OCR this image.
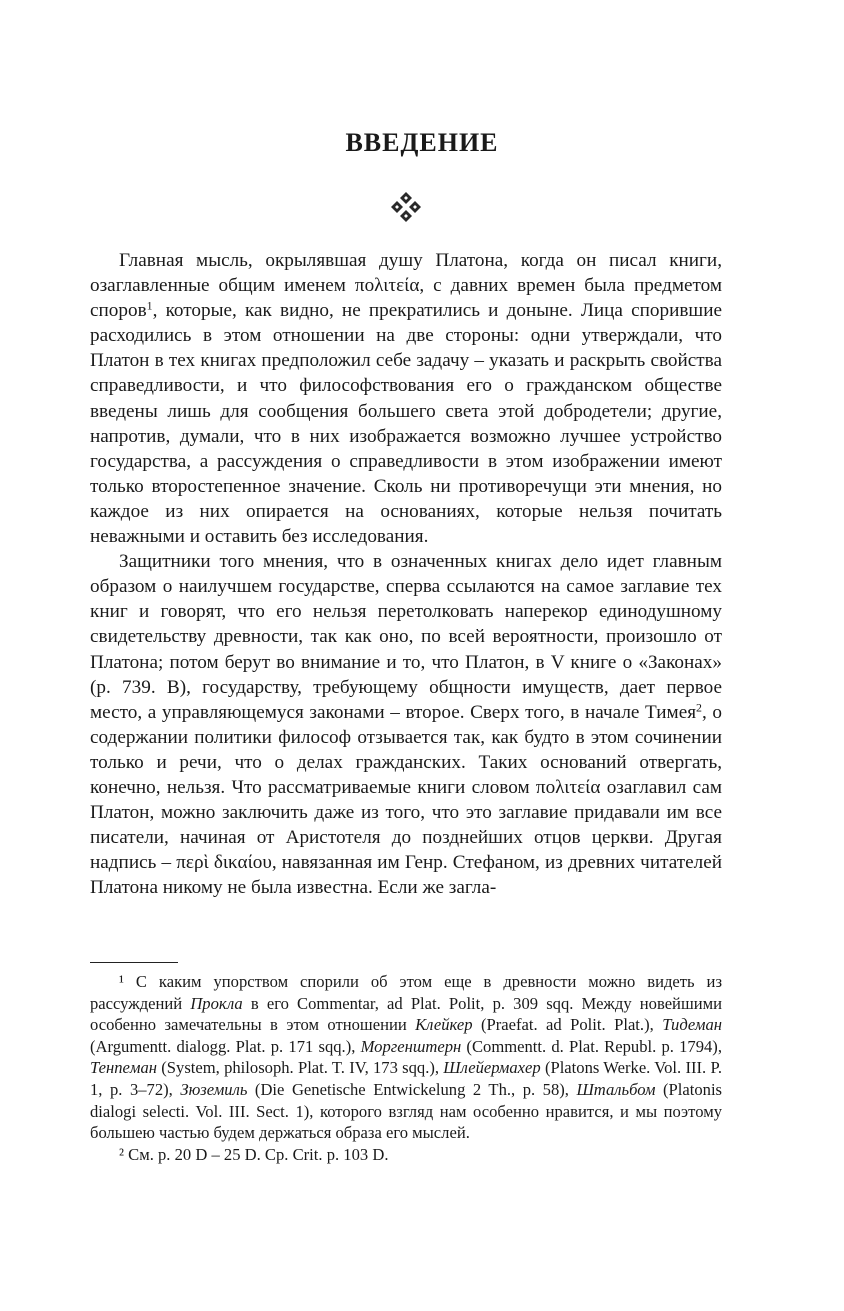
ВВЕДЕНИЕ

Главная мысль, окрылявшая душу Платона, когда он писал книги, озаглавленные общим именем πολιτεία, с давних времен была предметом споров$^1$, которые, как видно, не прекратились и доныне. Лица спорившие расходились в этом отношении на две стороны: одни утверждали, что Платон в тех книгах предположил себе задачу – указать и раскрыть свойства справедливости, и что философствования его о гражданском обществе введены лишь для сообщения большего света этой добродетели; другие, напротив, думали, что в них изображается возможно лучшее устройство государства, а рассуждения о справедливости в этом изображении имеют только второстепенное значение. Сколь ни противоречущи эти мнения, но каждое из них опирается на основаниях, которые нельзя почитать неважными и оставить без исследования.

Защитники того мнения, что в означенных книгах дело идет главным образом о наилучшем государстве, сперва ссылаются на самое заглавие тех книг и говорят, что его нельзя перетолковать наперекор единодушному свидетельству древности, так как оно, по всей вероятности, произошло от Платона; потом берут во внимание и то, что Платон, в V книге о «Законах» (p. 739. B), государству, требующему общности имуществ, дает первое место, а управляющемуся законами – второе. Сверх того, в начале Тимея$^2$, о содержании политики философ отзывается так, как будто в этом сочинении только и речи, что о делах гражданских. Таких оснований отвергать, конечно, нельзя. Что рассматриваемые книги словом πολιτεία озаглавил сам Платон, можно заключить даже из того, что это заглавие придавали им все писатели, начиная от Аристотеля до позднейших отцов церкви. Другая надпись – περὶ δικαίου, навязанная им Генр. Стефаном, из древних читателей Платона никому не была известна. Если же загла-

¹ С каким упорством спорили об этом еще в древности можно видеть из рассуждений Прокла в его Commentar, ad Plat. Polit, p. 309 sqq. Между новейшими особенно замечательны в этом отношении Клейкер (Praefat. ad Polit. Plat.), Тидеман (Argumentt. dialogg. Plat. p. 171 sqq.), Моргенштерн (Commentt. d. Plat. Republ. p. 1794), Тенneман (System, philosoph. Plat. T. IV, 173 sqq.), Шлейермахер (Platons Werke. Vol. III. P. 1, p. 3–72), Зюземиль (Die Genetische Entwickelung 2 Th., p. 58), Штальбом (Platonis dialogi selecti. Vol. III. Sect. 1), которого взгляд нам особенно нравится, и мы поэтому большею частью будем держаться образа его мыслей.

² См. p. 20 D – 25 D. Ср. Crit. p. 103 D.
